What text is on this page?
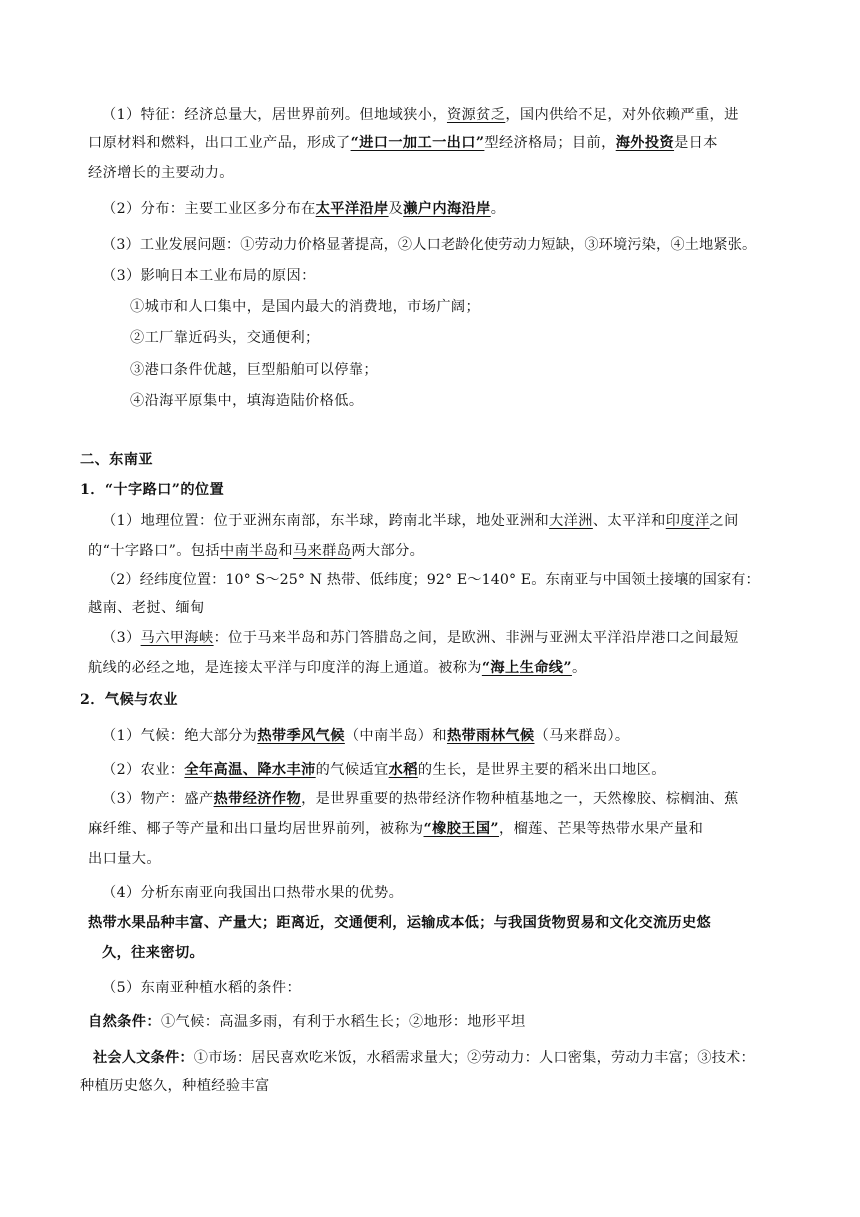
（1）特征：经济总量大，居世界前列。但地域狭小，资源贫乏，国内供给不足，对外依赖严重，进
口原材料和燃料，出口工业产品，形成了“进口一加工一出口”型经济格局；目前，海外投资是日本
经济增长的主要动力。
（2）分布：主要工业区多分布在太平洋沿岸及濑户内海沿岸。
（3）工业发展问题：①劳动力价格显著提高，②人口老龄化使劳动力短缺，③环境污染，④土地紧张。
（3）影响日本工业布局的原因：
①城市和人口集中，是国内最大的消费地，市场广阔；
②工厂靠近码头，交通便利；
③港口条件优越，巨型船舶可以停靠；
④沿海平原集中，填海造陆价格低。
二、东南亚
1．“十字路口”的位置
（1）地理位置：位于亚洲东南部，东半球，跨南北半球，地处亚洲和大洋洲、太平洋和印度洋之间
的“十字路口”。包括中南半岛和马来群岛两大部分。
（2）经纬度位置：10° S～25° N 热带、低纬度；92° E～140° E。东南亚与中国领土接壤的国家有：
越南、老挝、缅甸
（3）马六甲海峡：位于马来半岛和苏门答腊岛之间，是欧洲、非洲与亚洲太平洋沿岸港口之间最短
航线的必经之地，是连接太平洋与印度洋的海上通道。被称为“海上生命线”。
2．气候与农业
（1）气候：绝大部分为热带季风气候（中南半岛）和热带雨林气候（马来群岛）。
（2）农业：全年高温、降水丰沛的气候适宜水稻的生长，是世界主要的稻米出口地区。
（3）物产：盛产热带经济作物，是世界重要的热带经济作物种植基地之一，天然橡胶、棕榈油、蕉
麻纤维、椰子等产量和出口量均居世界前列，被称为“橡胶王国”，榴莲、芒果等热带水果产量和
出口量大。
（4）分析东南亚向我国出口热带水果的优势。
热带水果品种丰富、产量大；距离近，交通便利，运输成本低；与我国货物贸易和文化交流历史悠
久，往来密切。
（5）东南亚种植水稻的条件：
自然条件：①气候：高温多雨，有利于水稻生长；②地形：地形平坦
社会人文条件：①市场：居民喜欢吃米饭，水稻需求量大；②劳动力：人口密集，劳动力丰富；③技术：
种植历史悠久，种植经验丰富
